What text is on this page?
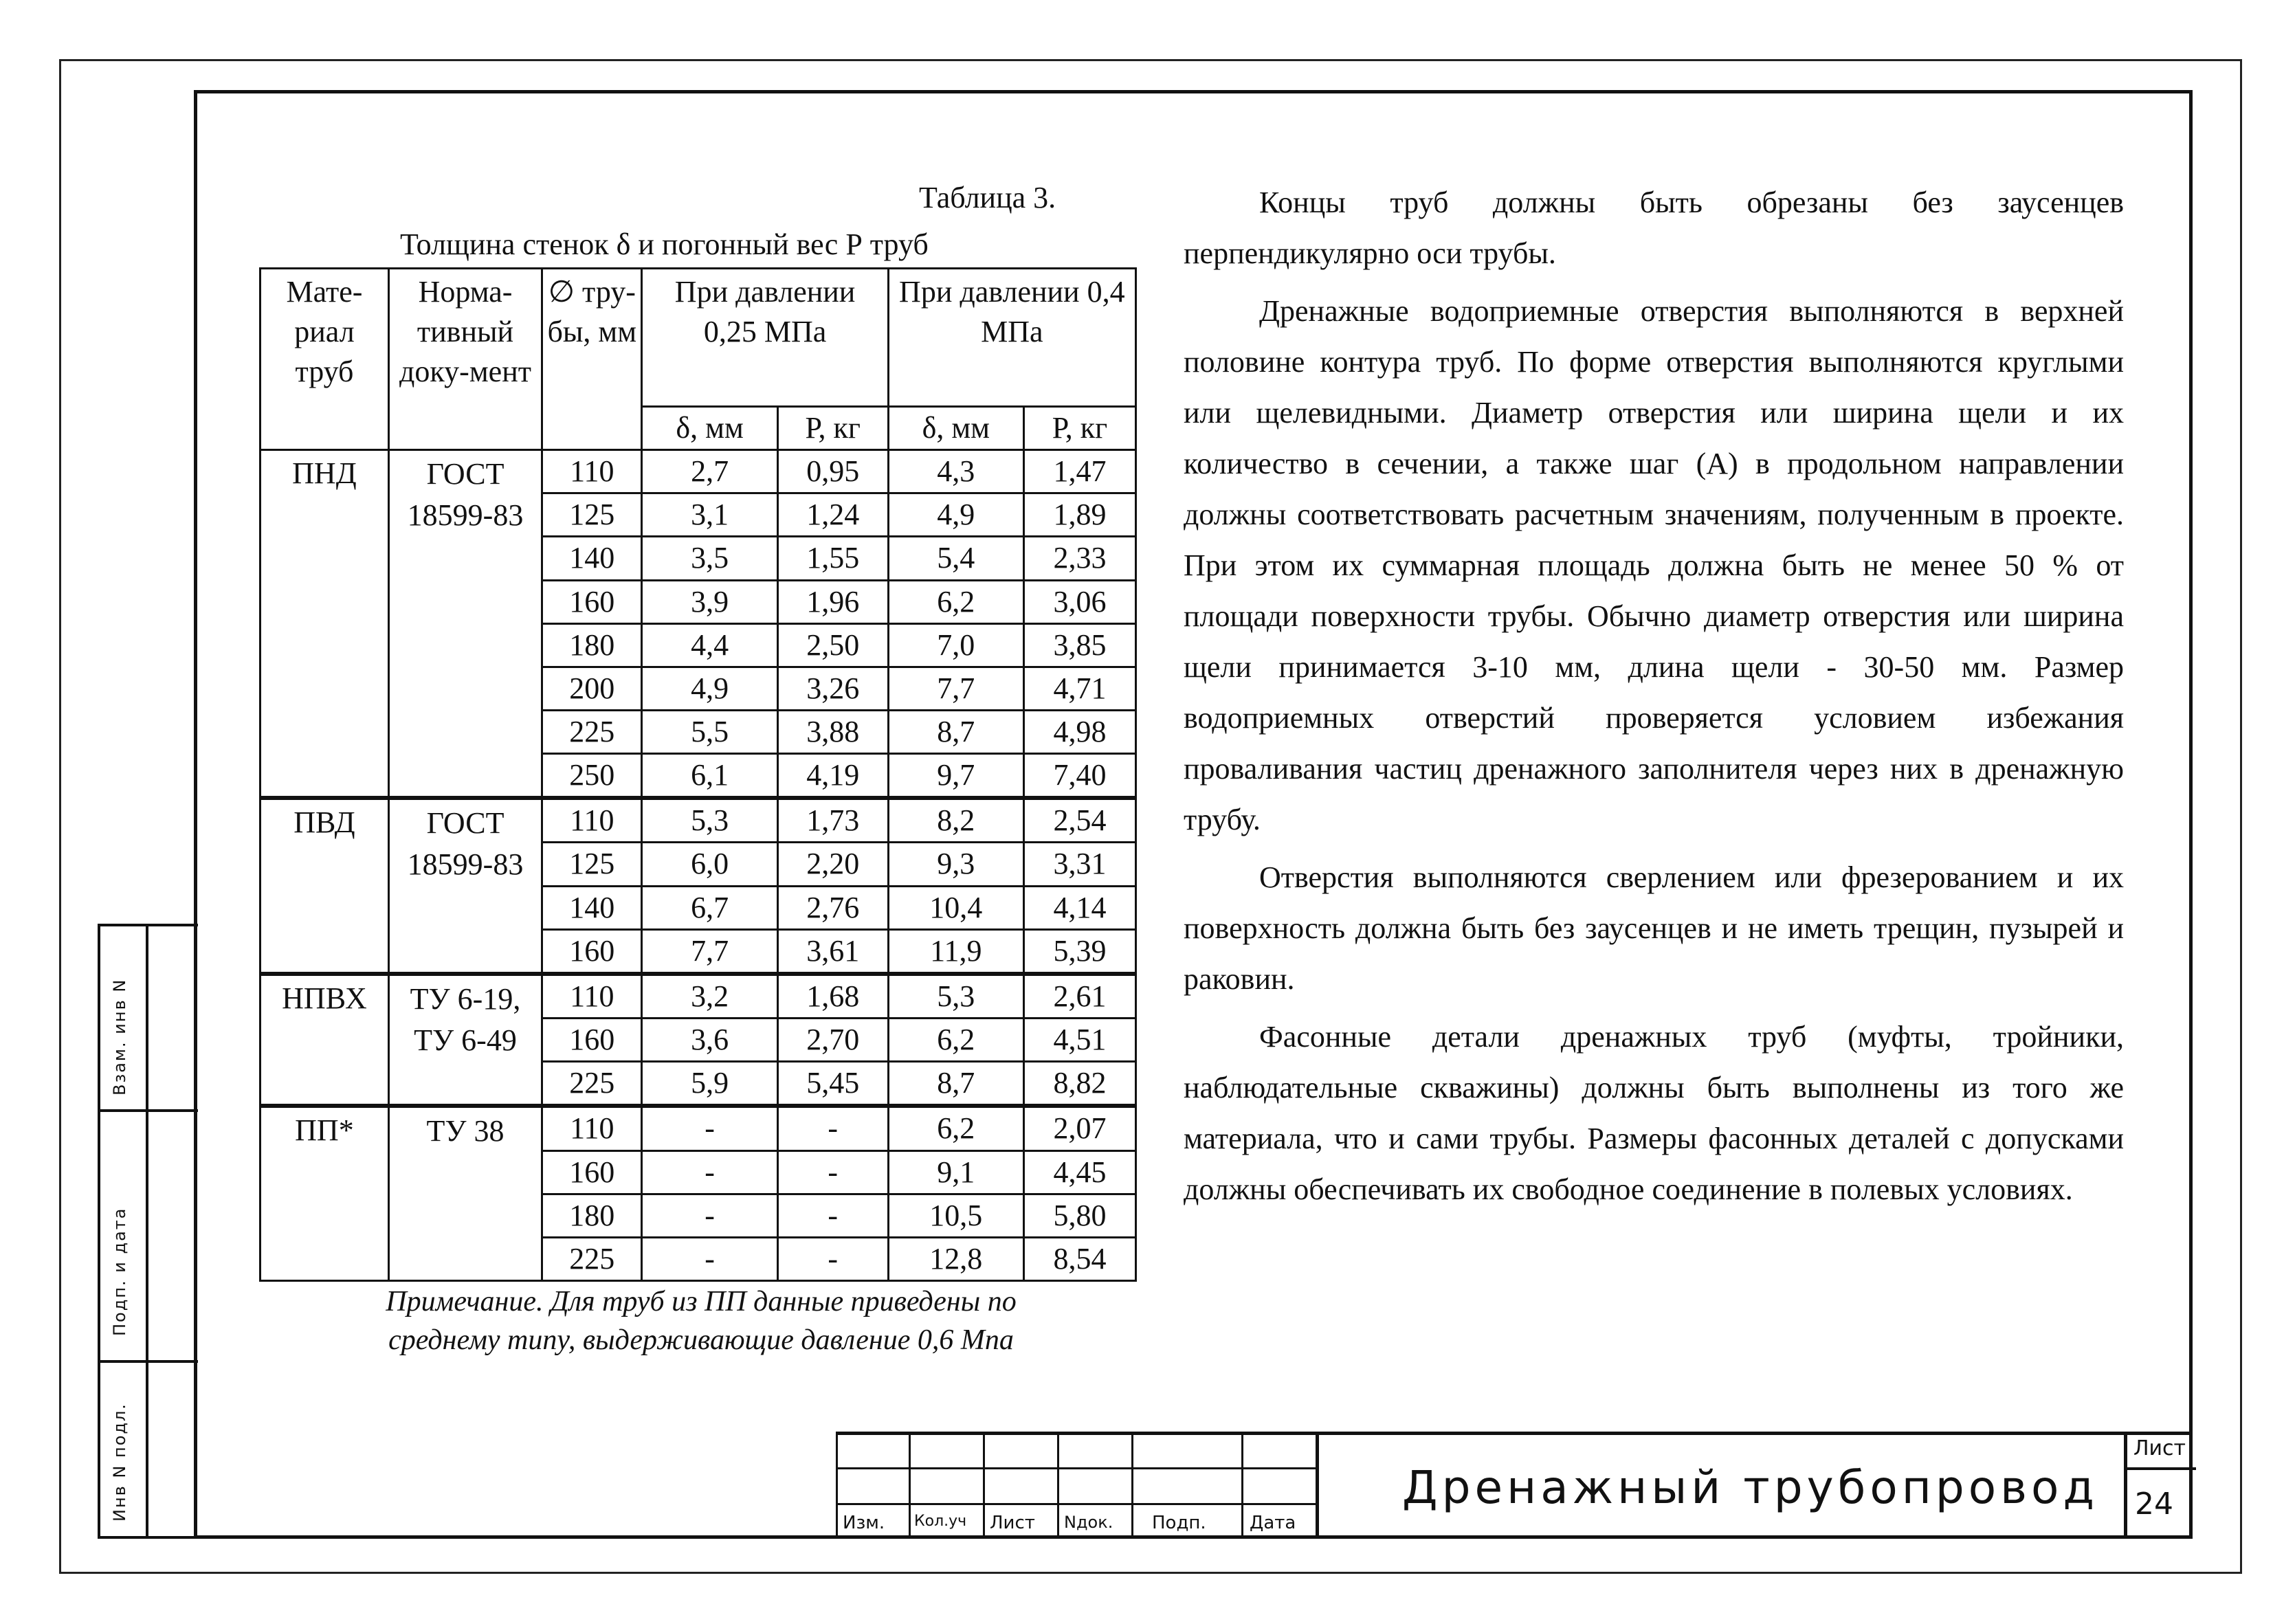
Взам. инв N
Подп. и дата
Инв N подл.
Таблица 3.
Толщина стенок δ и погонный вес Р труб
Мате-риал труб	Норма-тивный доку-мент	∅ тру-бы, мм	При давлении 0,25 МПа		При давлении 0,4 МПа	
			δ, мм	Р, кг	δ, мм	Р, кг
ПНД	ГОСТ 18599-83	110	2,7	0,95	4,3	1,47
		125	3,1	1,24	4,9	1,89
		140	3,5	1,55	5,4	2,33
		160	3,9	1,96	6,2	3,06
		180	4,4	2,50	7,0	3,85
		200	4,9	3,26	7,7	4,71
		225	5,5	3,88	8,7	4,98
		250	6,1	4,19	9,7	7,40
ПВД	ГОСТ 18599-83	110	5,3	1,73	8,2	2,54
		125	6,0	2,20	9,3	3,31
		140	6,7	2,76	10,4	4,14
		160	7,7	3,61	11,9	5,39
НПВХ	ТУ 6-19, ТУ 6-49	110	3,2	1,68	5,3	2,61
		160	3,6	2,70	6,2	4,51
		225	5,9	5,45	8,7	8,82
ПП*	ТУ 38	110	-	-	6,2	2,07
		160	-	-	9,1	4,45
		180	-	-	10,5	5,80
		225	-	-	12,8	8,54
Примечание. Для труб из ПП данные приведены по
среднему типу, выдерживающие давление 0,6 Мпа

Концы труб должны быть обрезаны без заусенцев перпендикулярно оси трубы.

Дренажные водоприемные отверстия выполняются в верхней половине контура труб. По форме отверстия выполняются круглыми или щелевидными. Диаметр отверстия или ширина щели и их количество в сечении, а также шаг (А) в продольном направлении должны соответствовать расчетным значениям, полученным в проекте. При этом их суммарная площадь должна быть не менее 50 % от площади поверхности трубы. Обычно диаметр отверстия или ширина щели принимается 3-10 мм, длина щели - 30-50 мм. Размер водоприемных отверстий проверяется условием избежания проваливания частиц дренажного заполнителя через них в дренажную трубу.

Отверстия выполняются сверлением или фрезерованием и их поверхность должна быть без заусенцев и не иметь трещин, пузырей и раковин.

Фасонные детали дренажных труб (муфты, тройники, наблюдательные скважины) должны быть выполнены из того же материала, что и сами трубы. Размеры фасонных деталей с допусками должны обеспечивать их свободное соединение в полевых условиях.

Изм. Кол.уч Лист Nдок. Подп. Дата
Дренажный трубопровод
Лист
24
